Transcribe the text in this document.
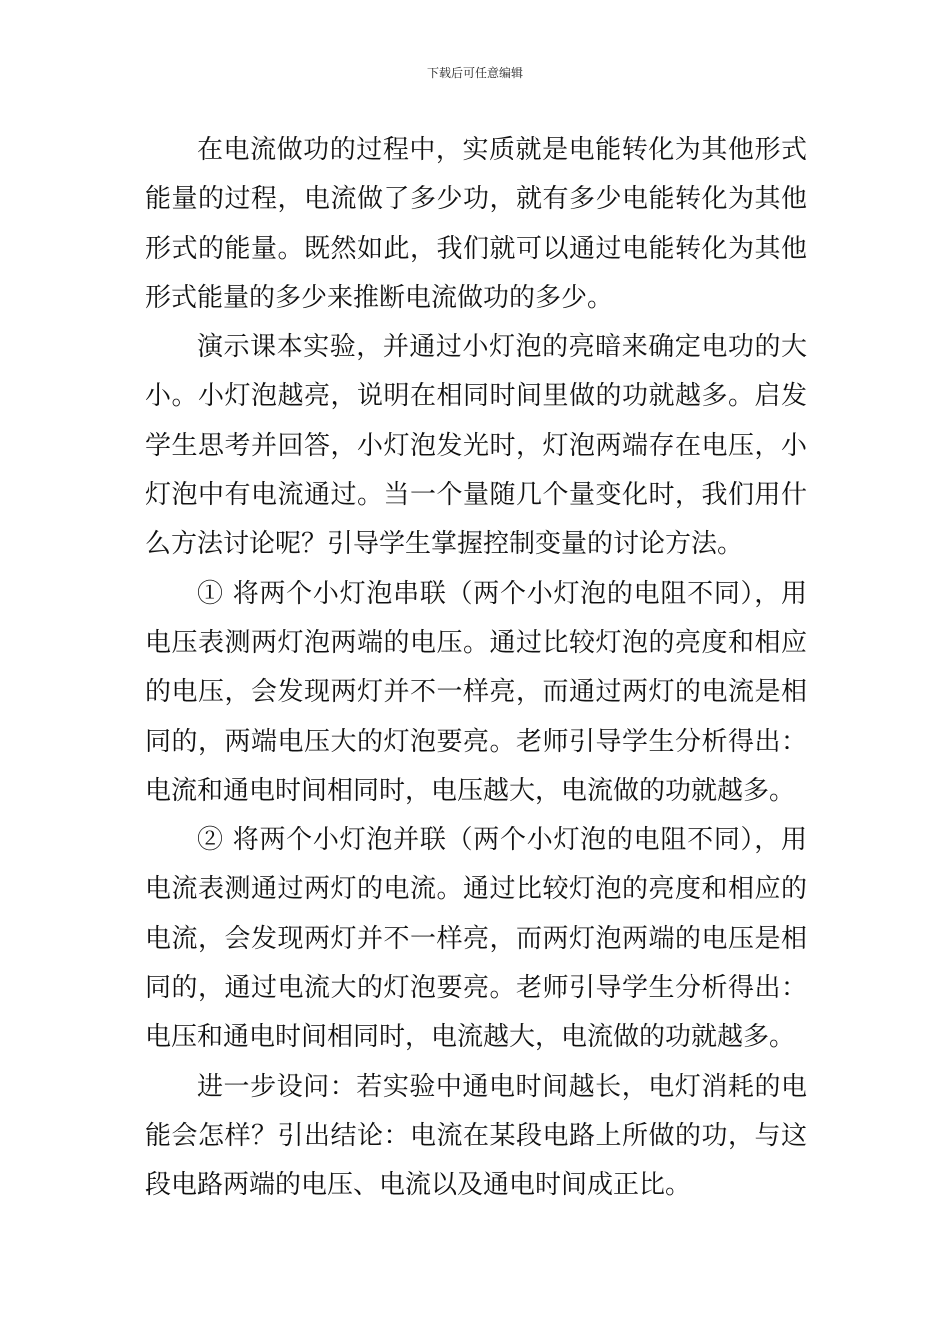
下载后可任意编辑

在电流做功的过程中，实质就是电能转化为其他形式能量的过程，电流做了多少功，就有多少电能转化为其他形式的能量。既然如此，我们就可以通过电能转化为其他形式能量的多少来推断电流做功的多少。

演示课本实验，并通过小灯泡的亮暗来确定电功的大小。小灯泡越亮，说明在相同时间里做的功就越多。启发学生思考并回答，小灯泡发光时，灯泡两端存在电压，小灯泡中有电流通过。当一个量随几个量变化时，我们用什么方法讨论呢？引导学生掌握控制变量的讨论方法。

① 将两个小灯泡串联（两个小灯泡的电阻不同），用电压表测两灯泡两端的电压。通过比较灯泡的亮度和相应的电压，会发现两灯并不一样亮，而通过两灯的电流是相同的，两端电压大的灯泡要亮。老师引导学生分析得出：电流和通电时间相同时，电压越大，电流做的功就越多。

② 将两个小灯泡并联（两个小灯泡的电阻不同），用电流表测通过两灯的电流。通过比较灯泡的亮度和相应的电流，会发现两灯并不一样亮，而两灯泡两端的电压是相同的，通过电流大的灯泡要亮。老师引导学生分析得出：电压和通电时间相同时，电流越大，电流做的功就越多。

进一步设问：若实验中通电时间越长，电灯消耗的电能会怎样？引出结论：电流在某段电路上所做的功，与这段电路两端的电压、电流以及通电时间成正比。
